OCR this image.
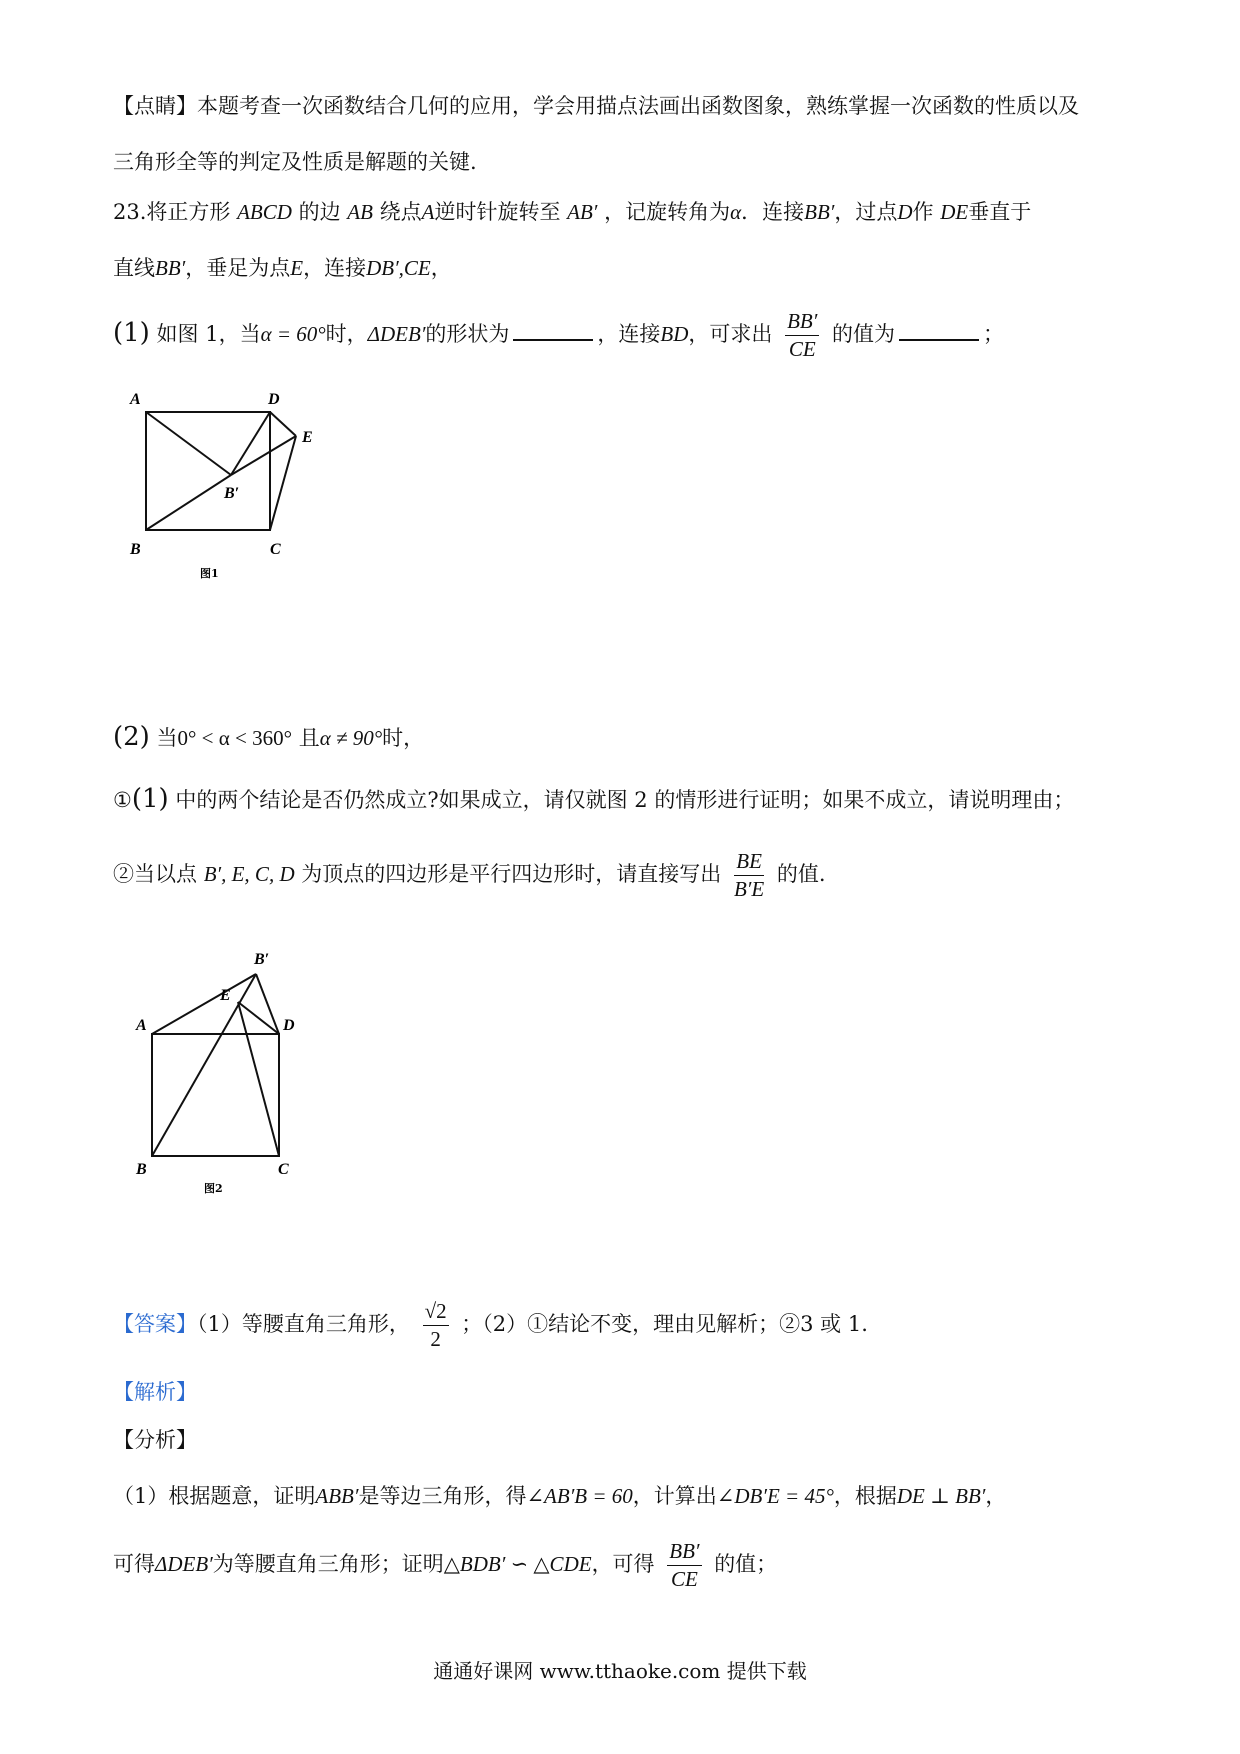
【点睛】本题考查一次函数结合几何的应用，学会用描点法画出函数图象，熟练掌握一次函数的性质以及
三角形全等的判定及性质是解题的关键.
23.将正方形 ABCD 的边 AB 绕点A逆时针旋转至 AB′ ，记旋转角为α．连接BB′，过点D作 DE垂直于
直线BB′，垂足为点E，连接DB′,CE，
(1) 如图 1，当α = 60°时，ΔDEB′的形状为	，连接BD，可求出 $\frac{BB'}{CE}$ 的值为	；
A	D
E
B′
B	C
图1
(2) 当0° < α < 360° 且α ≠ 90°时，
①(1) 中的两个结论是否仍然成立?如果成立，请仅就图 2 的情形进行证明；如果不成立，请说明理由；
②当以点 B′, E, C, D 为顶点的四边形是平行四边形时，请直接写出 $\frac{BE}{B'E}$ 的值.
B′
E
A	D
B	C
图2
【答案】（1）等腰直角三角形， $\frac{√2}{2}$ ；（2）①结论不变，理由见解析；②3 或 1.
【解析】
【分析】
（1）根据题意，证明ABB′是等边三角形，得∠AB′B = 60，计算出∠DB′E = 45°，根据DE ⊥ BB′，
可得ΔDEB′为等腰直角三角形；证明△BDB′ ∽ △CDE，可得 $\frac{BB'}{CE}$ 的值；
通通好课网 www.tthaoke.com 提供下载
